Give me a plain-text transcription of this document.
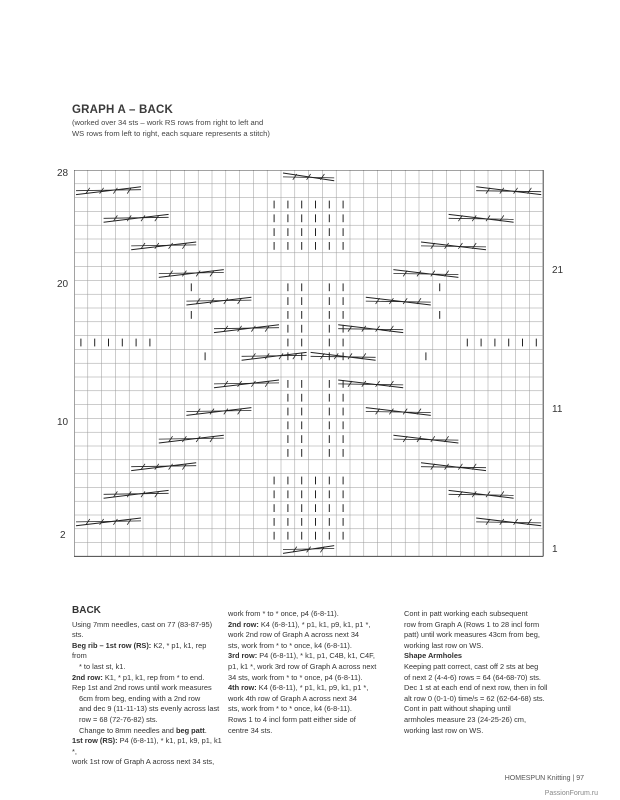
GRAPH A – BACK
(worked over 34 sts – work RS rows from right to left and
WS rows from left to right, each square represents a stitch)
28
20
10
2
21
11
1

BACK

Using 7mm needles, cast on 77 (83-87-95) sts.

Beg rib – 1st row (RS): K2, * p1, k1, rep from

* to last st, k1.

2nd row: K1, * p1, k1, rep from * to end.

Rep 1st and 2nd rows until work measures

6cm from beg, ending with a 2nd row

and dec 9 (11-11-13) sts evenly across last

row = 68 (72-76-82) sts.

Change to 8mm needles and beg patt.

1st row (RS): P4 (6-8-11), * k1, p1, k9, p1, k1 *,

work 1st row of Graph A across next 34 sts,

work from * to * once, p4 (6-8-11).

2nd row: K4 (6-8-11), * p1, k1, p9, k1, p1 *,

work 2nd row of Graph A across next 34

sts, work from * to * once, k4 (6-8-11).

3rd row: P4 (6-8-11), * k1, p1, C4B, k1, C4F,

p1, k1 *, work 3rd row of Graph A across next

34 sts, work from * to * once, p4 (6-8-11).

4th row: K4 (6-8-11), * p1, k1, p9, k1, p1 *,

work 4th row of Graph A across next 34

sts, work from * to * once, k4 (6-8-11).

Rows 1 to 4 incl form patt either side of

centre 34 sts.

Cont in patt working each subsequent

row from Graph A (Rows 1 to 28 incl form

patt) until work measures 43cm from beg,

working last row on WS.

Shape Armholes

Keeping patt correct, cast off 2 sts at beg

of next 2 (4-4-6) rows = 64 (64-68-70) sts.

Dec 1 st at each end of next row, then in foll

alt row 0 (0-1-0) time/s = 62 (62-64-68) sts.

Cont in patt without shaping until

armholes measure 23 (24-25-26) cm,

working last row on WS.

HOMESPUN Knitting | 97
PassionForum.ru
